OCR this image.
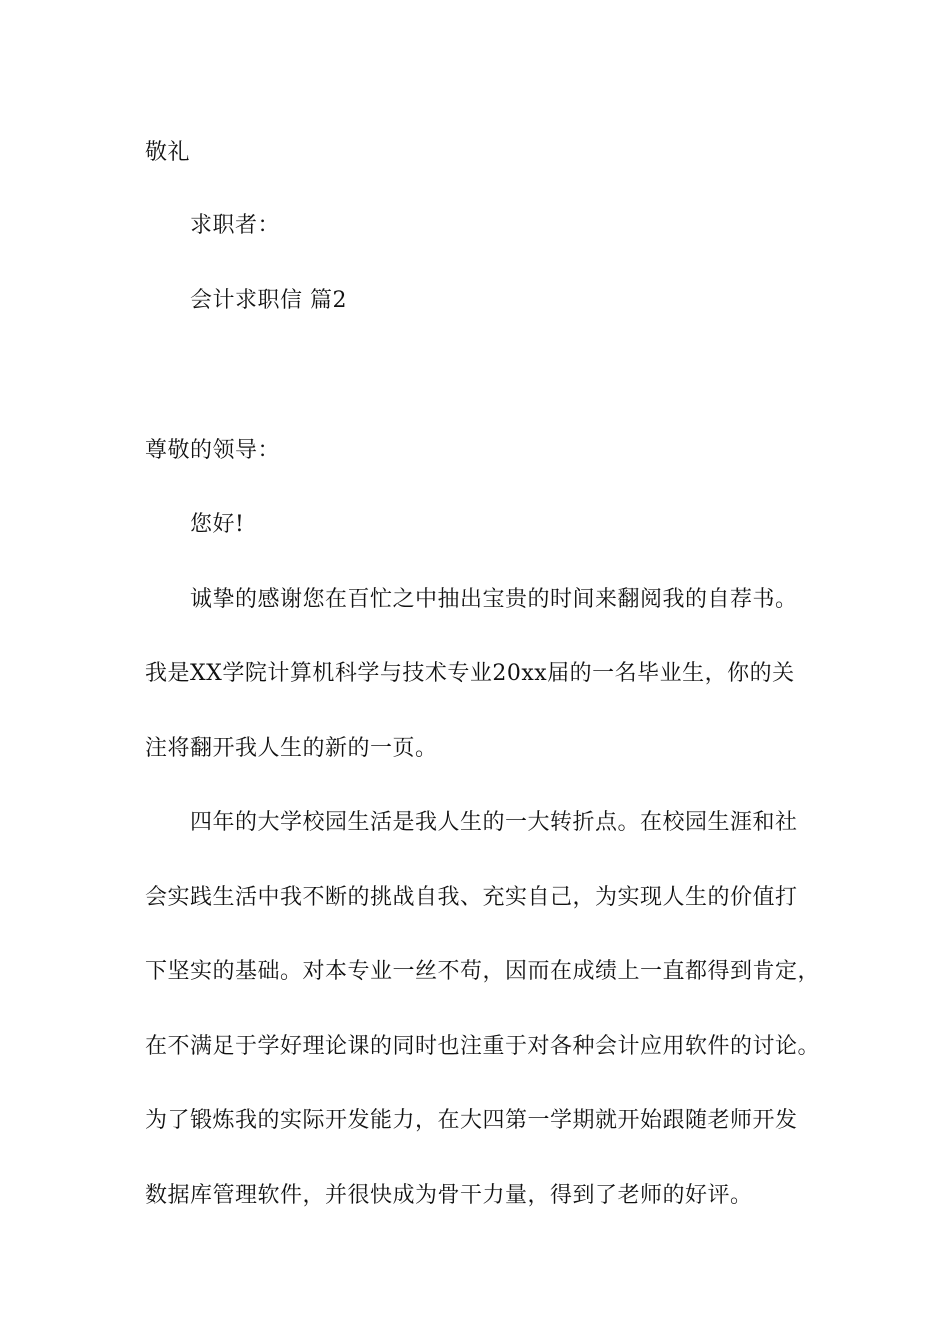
敬礼
求职者：
会计求职信 篇2
尊敬的领导：
您好!
诚挚的感谢您在百忙之中抽出宝贵的时间来翻阅我的自荐书。
我是XX学院计算机科学与技术专业20xx届的一名毕业生，你的关
注将翻开我人生的新的一页。
四年的大学校园生活是我人生的一大转折点。在校园生涯和社
会实践生活中我不断的挑战自我、充实自己，为实现人生的价值打
下坚实的基础。对本专业一丝不苟，因而在成绩上一直都得到肯定，
在不满足于学好理论课的同时也注重于对各种会计应用软件的讨论。
为了锻炼我的实际开发能力，在大四第一学期就开始跟随老师开发
数据库管理软件，并很快成为骨干力量，得到了老师的好评。
